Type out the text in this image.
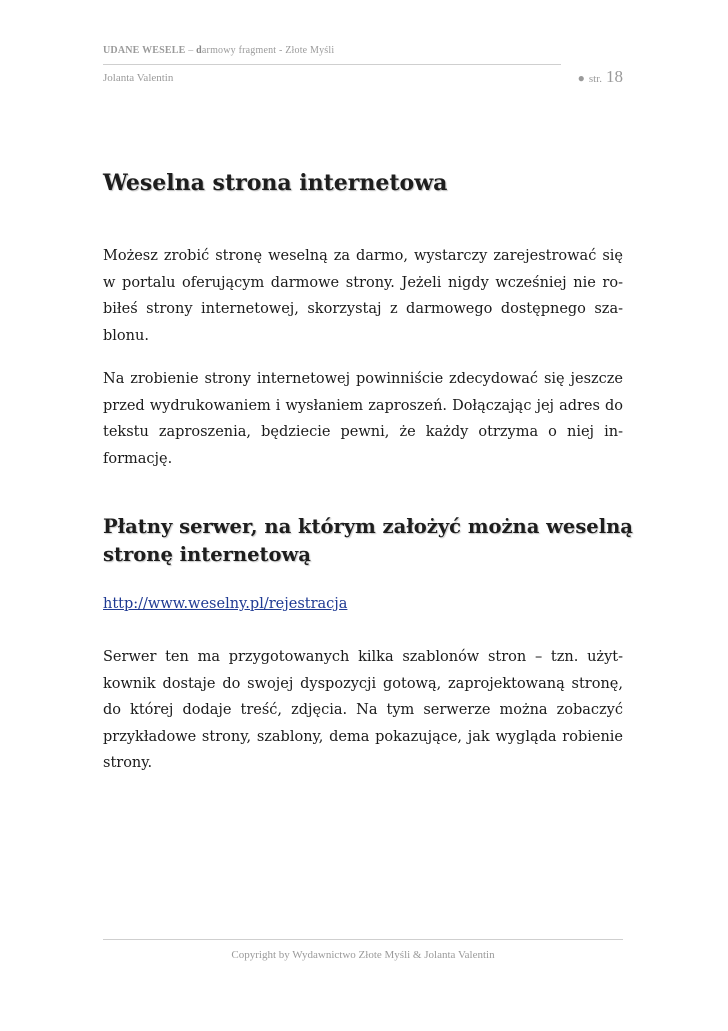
UDANE WESELE – darmowy fragment - Złote Myśli
Jolanta Valentin	● str. 18
Weselna strona internetowa

Możesz zrobić stronę weselną za darmo, wystarczy zarejestrować się w portalu oferującym darmowe strony. Jeżeli nigdy wcześniej nie robiłeś strony internetowej, skorzystaj z darmowego dostępnego szablonu.

Na zrobienie strony internetowej powinniście zdecydować się jeszcze przed wydrukowaniem i wysłaniem zaproszeń. Dołączając jej adres do tekstu zaproszenia, będziecie pewni, że każdy otrzyma o niej informację.

Płatny serwer, na którym założyć można weselną stronę internetową
http://www.weselny.pl/rejestracja

Serwer ten ma przygotowanych kilka szablonów stron – tzn. użytkownik dostaje do swojej dyspozycji gotową, zaprojektowaną stronę, do której dodaje treść, zdjęcia. Na tym serwerze można zobaczyć przykładowe strony, szablony, dema pokazujące, jak wygląda robienie strony.

Copyright by Wydawnictwo Złote Myśli & Jolanta Valentin
